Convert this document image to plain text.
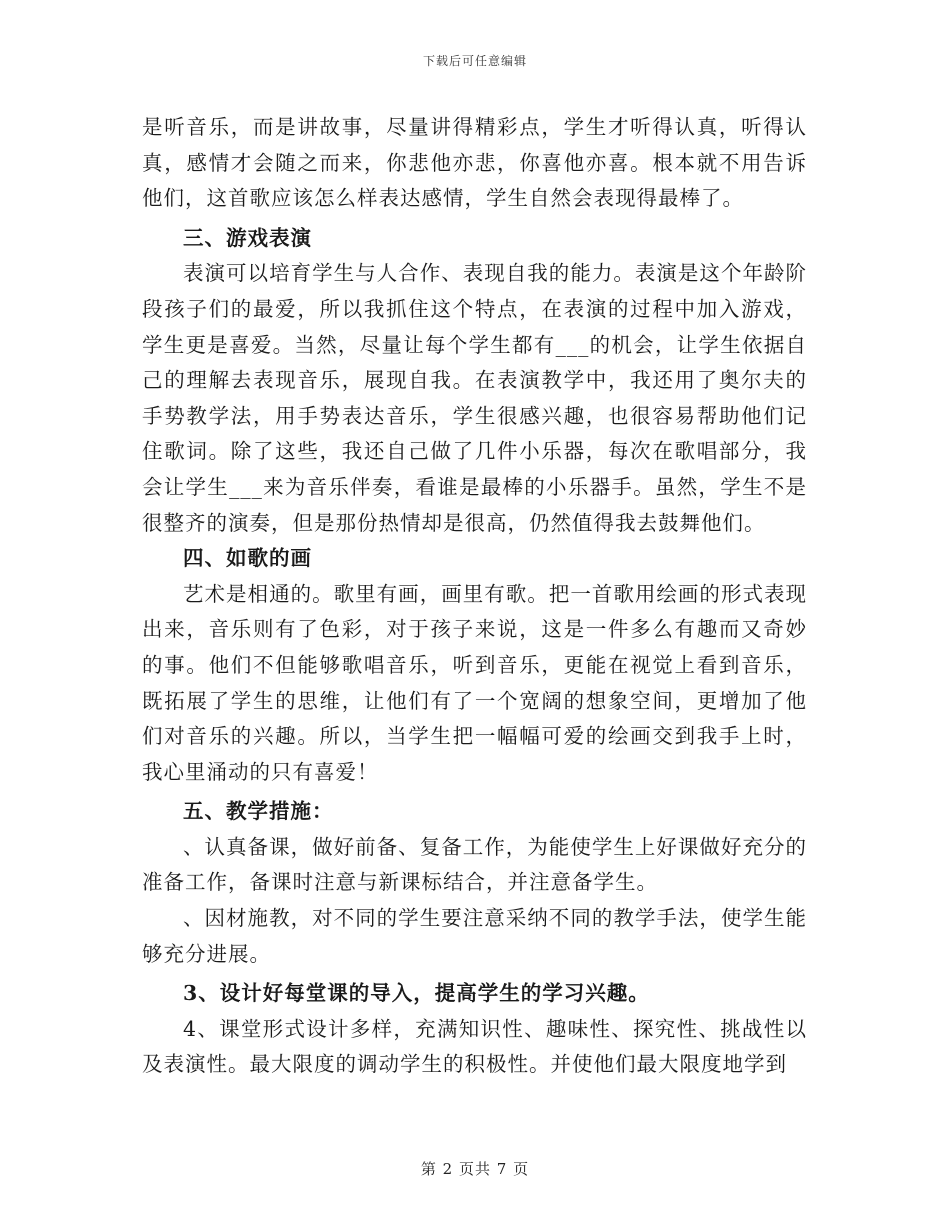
下载后可任意编辑

是听音乐，而是讲故事，尽量讲得精彩点，学生才听得认真，听得认真，感情才会随之而来，你悲他亦悲，你喜他亦喜。根本就不用告诉他们，这首歌应该怎么样表达感情，学生自然会表现得最棒了。

三、游戏表演

表演可以培育学生与人合作、表现自我的能力。表演是这个年龄阶段孩子们的最爱，所以我抓住这个特点，在表演的过程中加入游戏，学生更是喜爱。当然，尽量让每个学生都有___的机会，让学生依据自己的理解去表现音乐，展现自我。在表演教学中，我还用了奥尔夫的手势教学法，用手势表达音乐，学生很感兴趣，也很容易帮助他们记住歌词。除了这些，我还自己做了几件小乐器，每次在歌唱部分，我会让学生___来为音乐伴奏，看谁是最棒的小乐器手。虽然，学生不是很整齐的演奏，但是那份热情却是很高，仍然值得我去鼓舞他们。

四、如歌的画

艺术是相通的。歌里有画，画里有歌。把一首歌用绘画的形式表现出来，音乐则有了色彩，对于孩子来说，这是一件多么有趣而又奇妙的事。他们不但能够歌唱音乐，听到音乐，更能在视觉上看到音乐，既拓展了学生的思维，让他们有了一个宽阔的想象空间，更增加了他们对音乐的兴趣。所以，当学生把一幅幅可爱的绘画交到我手上时，我心里涌动的只有喜爱！

五、教学措施：

、认真备课，做好前备、复备工作，为能使学生上好课做好充分的准备工作，备课时注意与新课标结合，并注意备学生。

、因材施教，对不同的学生要注意采纳不同的教学手法，使学生能够充分进展。

3、设计好每堂课的导入，提高学生的学习兴趣。

4、课堂形式设计多样，充满知识性、趣味性、探究性、挑战性以及表演性。最大限度的调动学生的积极性。并使他们最大限度地学到

第 2 页共 7 页
